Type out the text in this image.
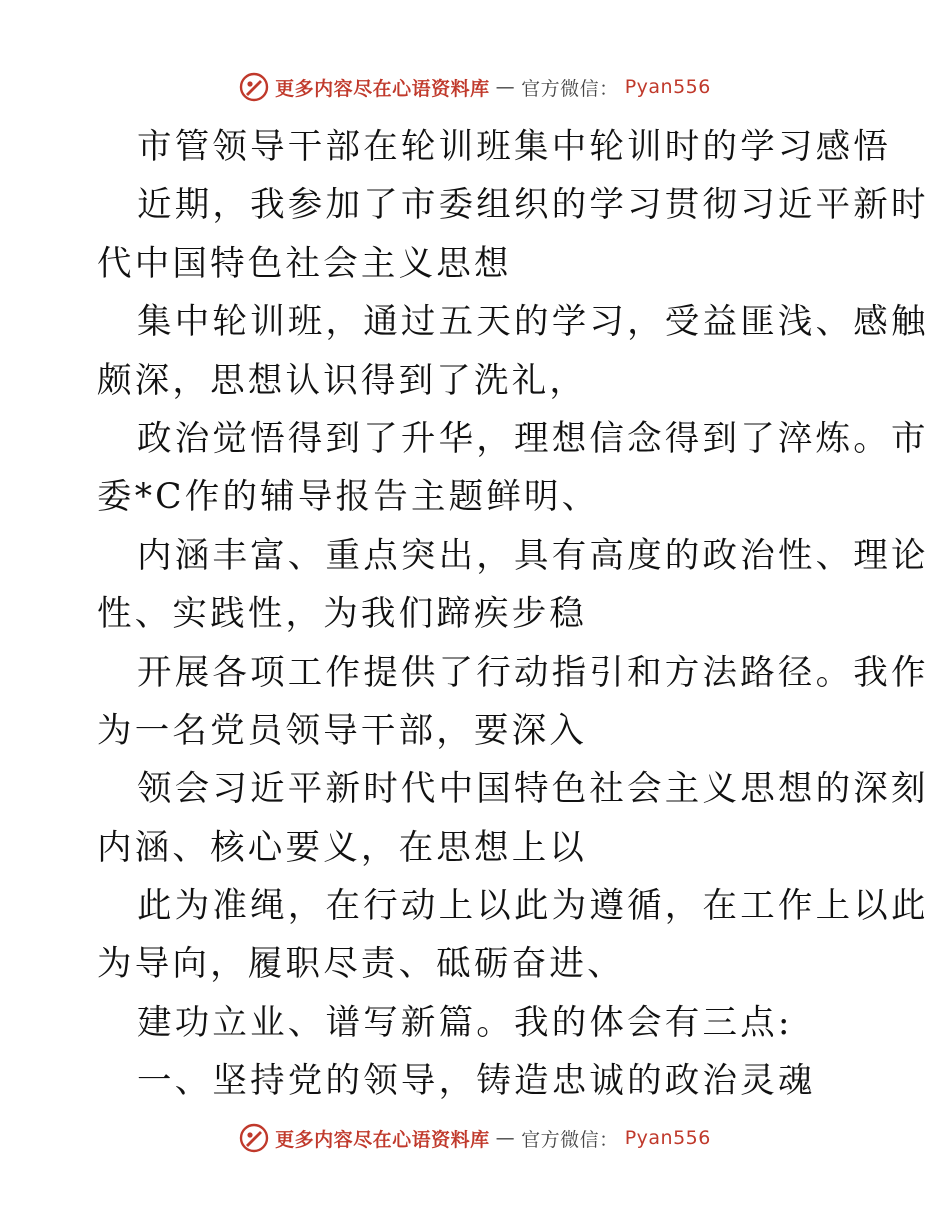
更多内容尽在心语资料库 — 官方微信： Pyan556
市管领导干部在轮训班集中轮训时的学习感悟
近期，我参加了市委组织的学习贯彻习近平新时
代中国特色社会主义思想
集中轮训班，通过五天的学习，受益匪浅、感触
颇深，思想认识得到了洗礼，
政治觉悟得到了升华，理想信念得到了淬炼。市
委*C作的辅导报告主题鲜明、
内涵丰富、重点突出，具有高度的政治性、理论
性、实践性，为我们蹄疾步稳
开展各项工作提供了行动指引和方法路径。我作
为一名党员领导干部，要深入
领会习近平新时代中国特色社会主义思想的深刻
内涵、核心要义，在思想上以
此为准绳，在行动上以此为遵循，在工作上以此
为导向，履职尽责、砥砺奋进、
建功立业、谱写新篇。我的体会有三点:
一、坚持党的领导，铸造忠诚的政治灵魂
更多内容尽在心语资料库 — 官方微信： Pyan556
